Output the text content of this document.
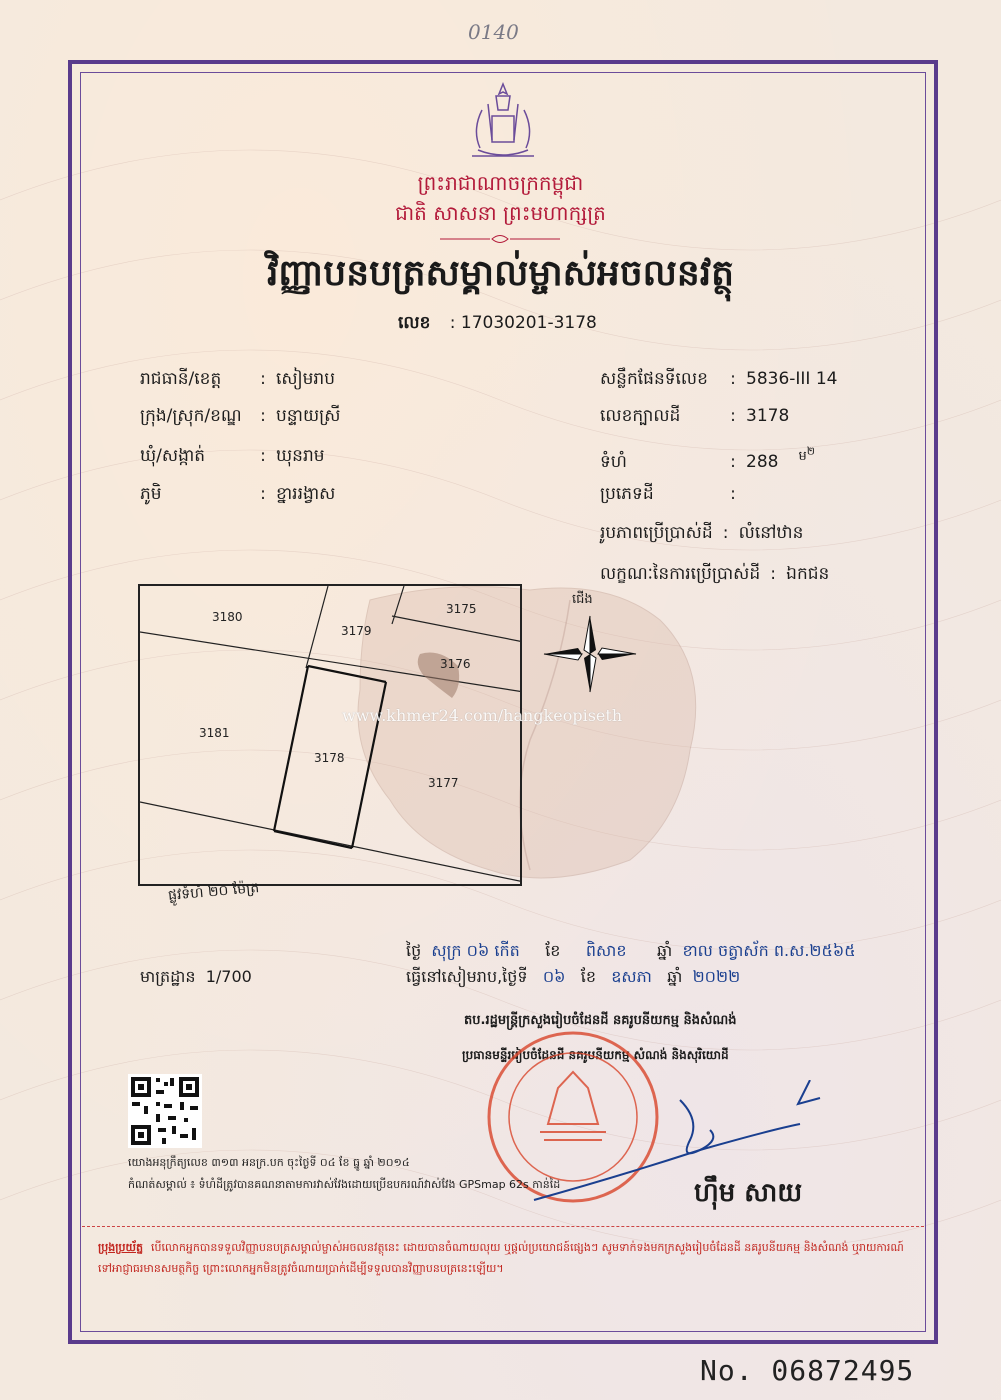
0140
ព្រះរាជាណាចក្រកម្ពុជា
ជាតិ សាសនា ព្រះមហាក្សត្រ
វិញ្ញាបនបត្រសម្គាល់ម្ចាស់អចលនវត្ថុ
លេខ : 17030201-3178
រាជធានី/ខេត្ត : សៀមរាប
ក្រុង/ស្រុក/ខណ្ឌ : បន្ទាយស្រី
ឃុំ/សង្កាត់	: ឃុនរាម
ភូមិ	: ខ្នាររង្វាស
សន្លឹកផែនទីលេខ : 5836-III 14
លេខក្បាលដី	: 3178
ទំហំ	: 288 $^{ម^២}$
ប្រភេទដី	:
រូបភាពប្រើប្រាស់ដី : លំនៅឋាន
លក្ខណៈនៃការប្រើប្រាស់ដី : ឯកជន
3180
3179
3175
3176
3181
3178
3177
ផ្លូវទំហំ ២០ ម៉ែត្រ
www.khmer24.com/hangkeopiseth
ជើង
មាត្រដ្ឋាន 1/700
ថ្ងៃ សុក្រ ០៦ កើត ខែ ពិសាខ ឆ្នាំ ខាល ចត្វាស័ក ព.ស.២៥៦៥
ធ្វើនៅសៀមរាប,ថ្ងៃទី ០៦ ខែ ឧសភា ឆ្នាំ ២០២២
តប.រដ្ឋមន្ត្រីក្រសួងរៀបចំដែនដី នគរូបនីយកម្ម និងសំណង់
ប្រធានមន្ទីររៀបចំដែនដី នគរូបនីយកម្ម សំណង់ និងសុរិយោដី
ហ៊ឹម សាយ
យោងអនុក្រឹត្យលេខ ៣១៣ អនក្រ.បក ចុះថ្ងៃទី ០៤ ខែ ធ្នូ ឆ្នាំ ២០១៤
កំណត់សម្គាល់ ៖ ទំហំដីត្រូវបានគណនាតាមការវាស់វែងដោយប្រើឧបករណ៍វាស់វែង GPSmap 62s កាន់ដៃ
ប្រុងប្រយ័ត្ន បើលោកអ្នកបានទទួលវិញ្ញាបនបត្រសម្គាល់ម្ចាស់អចលនវត្ថុនេះ ដោយបានចំណាយលុយ ឬផ្ដល់ប្រយោជន៍ផ្សេងៗ សូមទាក់ទងមកក្រសួងរៀបចំដែនដី នគរូបនីយកម្ម និងសំណង់ ឬរាយការណ៍ទៅអាជ្ញាធរមានសមត្ថកិច្ច ព្រោះលោកអ្នកមិនត្រូវចំណាយប្រាក់ដើម្បីទទួលបានវិញ្ញាបនបត្រនេះឡើយ។
No. 06872495
